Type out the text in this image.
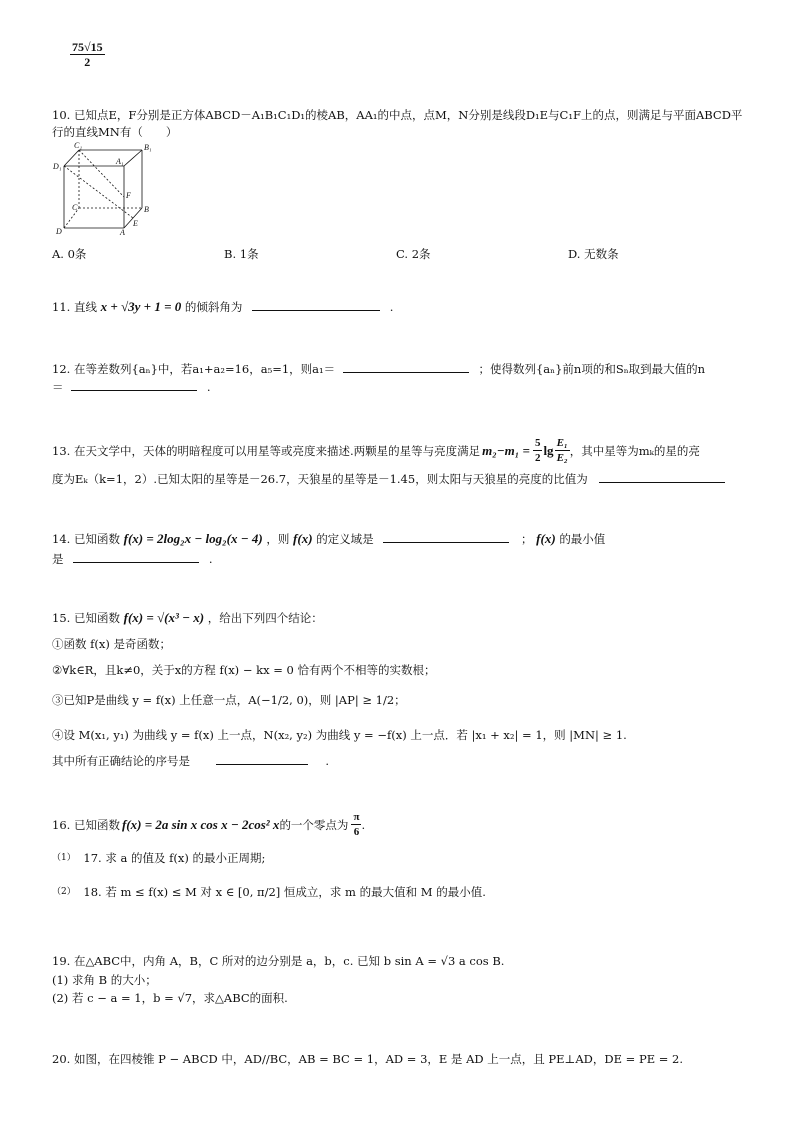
$\frac{75√15}{2}$
10. 已知点E，F分别是正方体ABCD－A₁B₁C₁D₁的棱AB，AA₁的中点，点M，N分别是线段D₁E与C₁F上的点，则满足与平面ABCD平
行的直线MN有（　　）
C₁	B₁
D₁
A₁
F
C	B
D	A
E
A. 0条	B. 1条	C. 2条	D. 无数条
11. 直线 x + √3y + 1 = 0 的倾斜角为	.
12. 在等差数列{aₙ}中，若a₁+a₂=16，a₅=1，则a₁＝	；使得数列{aₙ}前n项的和Sₙ取到最大值的n
＝	.
13. 在天文学中，天体的明暗程度可以用星等或亮度来描述.两颗星的星等与亮度满足 $m_2-m_1 = \frac{5}{2}$ $\lg \frac{\text{E₁}}{\text{E₂}}$ ，其中星等为mₖ的星的亮
度为Eₖ（k=1，2）.已知太阳的星等是－26.7，天狼星的星等是－1.45，则太阳与天狼星的亮度的比值为
14. 已知函数 f(x) = 2log₂x − log₂(x − 4) ，则 f(x) 的定义域是	； f(x) 的最小值
是	.
15. 已知函数 f(x) = √(x³ − x) ，给出下列四个结论：
①函数 f(x) 是奇函数；
②∀k∈R，且k≠0，关于x的方程 f(x) − kx = 0 恰有两个不相等的实数根；
③已知P是曲线 y = f(x) 上任意一点，A(−1/2, 0)，则 |AP| ≥ 1/2；
④设 M(x₁, y₁) 为曲线 y = f(x) 上一点，N(x₂, y₂) 为曲线 y = −f(x) 上一点．若 |x₁ + x₂| = 1，则 |MN| ≥ 1.
其中所有正确结论的序号是	.
16. 已知函数 f(x) = 2a sin x cos x − 2cos² x 的一个零点为 $\frac{\pi}{6}$ .
$^{(1)}$ 17. 求 a 的值及 f(x) 的最小正周期;
$^{(2)}$ 18. 若 m ≤ f(x) ≤ M 对 x ∈ [0, π/2] 恒成立，求 m 的最大值和 M 的最小值.
19. 在△ABC中，内角 A，B，C 所对的边分别是 a，b，c. 已知 b sin A = √3 a cos B.
(1) 求角 B 的大小；
(2) 若 c − a = 1，b = √7，求△ABC的面积.
20. 如图，在四棱锥 P − ABCD 中，AD//BC，AB = BC = 1，AD = 3，E 是 AD 上一点，且 PE⊥AD，DE = PE = 2.
